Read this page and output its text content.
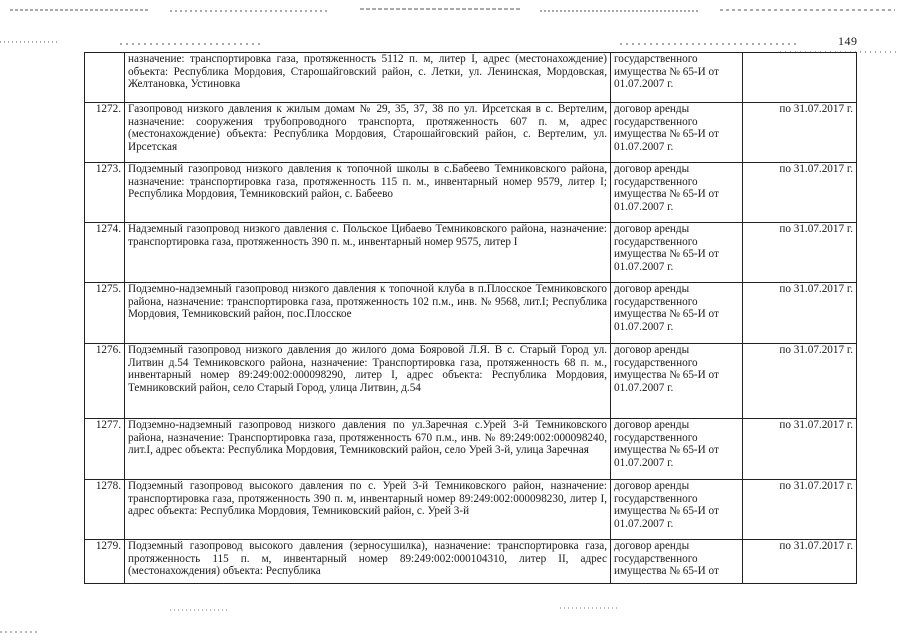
149
	назначение: транспортировка газа, протяженность 5112 п. м, литер I, адрес (местонахождение) объекта: Республика Мордовия, Старошайговский район, с. Летки, ул. Ленинская, Мордовская, Желтановка, Устиновка	государственного имущества № 65-И от 01.07.2007 г.	
1272.	Газопровод низкого давления к жилым домам № 29, 35, 37, 38 по ул. Ирсетская в с. Вертелим, назначение: сооружения трубопроводного транспорта, протяженность 607 п. м, адрес (местонахождение) объекта: Республика Мордовия, Старошайговский район, с. Вертелим, ул. Ирсетская	договор аренды государственного имущества № 65-И от 01.07.2007 г.	по 31.07.2017 г.
1273.	Подземный газопровод низкого давления к топочной школы в с.Бабеево Темниковского района, назначение: транспортировка газа, протяженность 115 п. м., инвентарный номер 9579, литер I; Республика Мордовия, Темниковский район, с. Бабеево	договор аренды государственного имущества № 65-И от 01.07.2007 г.	по 31.07.2017 г.
1274.	Надземный газопровод низкого давления с. Польское Цибаево Темниковского района, назначение: транспортировка газа, протяженность 390 п. м., инвентарный номер 9575, литер I	договор аренды государственного имущества № 65-И от 01.07.2007 г.	по 31.07.2017 г.
1275.	Подземно-надземный газопровод низкого давления к топочной клуба в п.Плосское Темниковского района, назначение: транспортировка газа, протяженность 102 п.м., инв. № 9568, лит.I; Республика Мордовия, Темниковский район, пос.Плосское	договор аренды государственного имущества № 65-И от 01.07.2007 г.	по 31.07.2017 г.
1276.	Подземный газопровод низкого давления до жилого дома Бояровой Л.Я. В с. Старый Город ул. Литвин д.54 Темниковского района, назначение: Транспортировка газа, протяженность 68 п. м., инвентарный номер 89:249:002:000098290, литер I, адрес объекта: Республика Мордовия, Темниковский район, село Старый Город, улица Литвин, д.54	договор аренды государственного имущества № 65-И от 01.07.2007 г.	по 31.07.2017 г.
1277.	Подземно-надземный газопровод низкого давления по ул.Заречная с.Урей 3-й Темниковского района, назначение: Транспортировка газа, протяженность 670 п.м., инв. № 89:249:002:000098240, лит.I, адрес объекта: Республика Мордовия, Темниковский район, село Урей 3-й, улица Заречная	договор аренды государственного имущества № 65-И от 01.07.2007 г.	по 31.07.2017 г.
1278.	Подземный газопровод высокого давления по с. Урей 3-й Темниковского район, назначение: транспортировка газа, протяженность 390 п. м, инвентарный номер 89:249:002:000098230, литер I, адрес объекта: Республика Мордовия, Темниковский район, с. Урей 3-й	договор аренды государственного имущества № 65-И от 01.07.2007 г.	по 31.07.2017 г.
1279.	Подземный газопровод высокого давления (зерносушилка), назначение: транспортировка газа, протяженность 115 п. м, инвентарный номер 89:249:002:000104310, литер II, адрес (местонахождения) объекта: Республика	договор аренды государственного имущества № 65-И от	по 31.07.2017 г.
